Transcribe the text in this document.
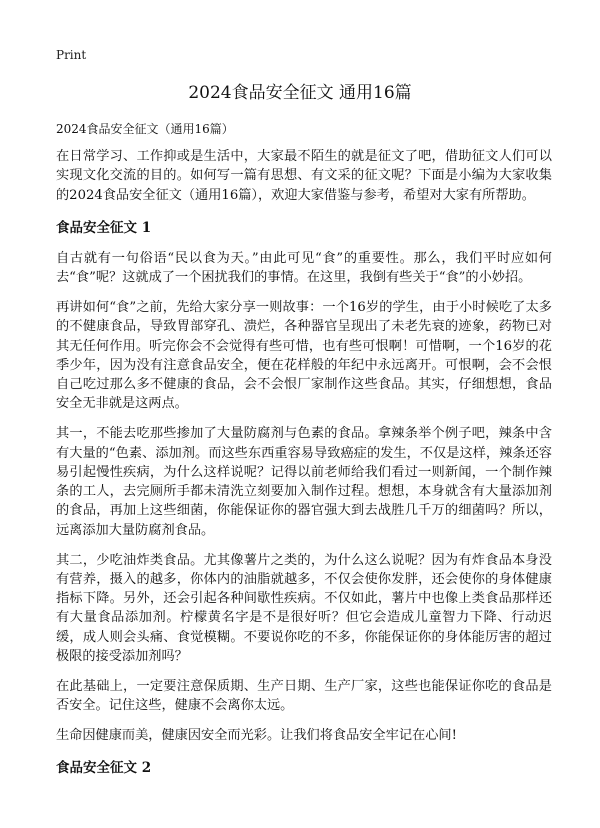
Print
2024食品安全征文 通用16篇
2024食品安全征文（通用16篇）

在日常学习、工作抑或是生活中，大家最不陌生的就是征文了吧，借助征文人们可以实现文化交流的目的。如何写一篇有思想、有文采的征文呢？下面是小编为大家收集的2024食品安全征文（通用16篇），欢迎大家借鉴与参考，希望对大家有所帮助。

食品安全征文 1

自古就有一句俗语“民以食为天。”由此可见“食”的重要性。那么，我们平时应如何去“食”呢？这就成了一个困扰我们的事情。在这里，我倒有些关于“食”的小妙招。

再讲如何“食”之前，先给大家分享一则故事：一个16岁的学生，由于小时候吃了太多的不健康食品，导致胃部穿孔、溃烂，各种器官呈现出了未老先衰的迹象，药物已对其无任何作用。听完你会不会觉得有些可惜，也有些可恨啊！可惜啊，一个16岁的花季少年，因为没有注意食品安全，便在花样般的年纪中永远离开。可恨啊，会不会恨自己吃过那么多不健康的食品，会不会恨厂家制作这些食品。其实，仔细想想，食品安全无非就是这两点。

其一，不能去吃那些掺加了大量防腐剂与色素的食品。拿辣条举个例子吧，辣条中含有大量的“色素、添加剂。而这些东西重容易导致癌症的发生，不仅是这样，辣条还容易引起慢性疾病，为什么这样说呢？记得以前老师给我们看过一则新闻，一个制作辣条的工人，去完厕所手都未清洗立刻要加入制作过程。想想，本身就含有大量添加剂的食品，再加上这些细菌，你能保证你的器官强大到去战胜几千万的细菌吗？所以，远离添加大量防腐剂食品。

其二，少吃油炸类食品。尤其像薯片之类的，为什么这么说呢？因为有炸食品本身没有营养，摄入的越多，你体内的油脂就越多，不仅会使你发胖，还会使你的身体健康指标下降。另外，还会引起各种间歇性疾病。不仅如此，薯片中也像上类食品那样还有大量食品添加剂。柠檬黄名字是不是很好听？但它会造成儿童智力下降、行动迟缓，成人则会头痛、食觉模糊。不要说你吃的不多，你能保证你的身体能厉害的超过极限的接受添加剂吗？

在此基础上，一定要注意保质期、生产日期、生产厂家，这些也能保证你吃的食品是否安全。记住这些，健康不会离你太远。

生命因健康而美，健康因安全而光彩。让我们将食品安全牢记在心间!

食品安全征文 2
